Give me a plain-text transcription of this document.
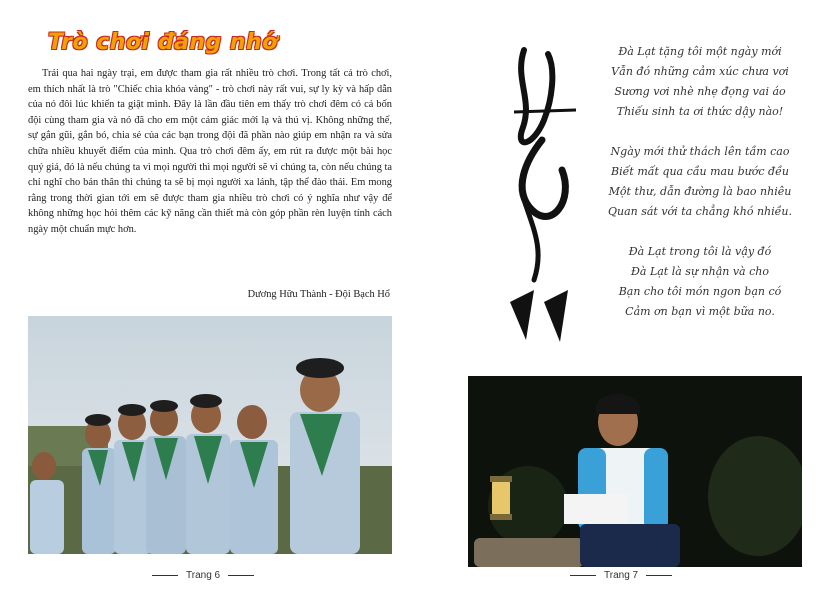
Trò chơi đáng nhớ

Trải qua hai ngày trại, em được tham gia rất nhiều trò chơi. Trong tất cả trò chơi, em thích nhất là trò "Chiếc chìa khóa vàng" - trò chơi này rất vui, sự ly kỳ và hấp dẫn của nó đôi lúc khiến ta giật mình. Đây là lần đầu tiên em thấy trò chơi đêm có cả bốn đội cùng tham gia và nó đã cho em một cảm giác mới lạ và thú vị. Không những thế, sự gắn gũi, gắn bó, chia sẻ của các bạn trong đội đã phần nào giúp em nhận ra và sửa chữa nhiều khuyết điểm của mình. Qua trò chơi đêm ấy, em rút ra được một bài học quý giá, đó là nếu chúng ta vì mọi người thì mọi người sẽ vì chúng ta, còn nếu chúng ta chỉ nghĩ cho bản thân thì chúng ta sẽ bị mọi người xa lánh, tập thể đào thải. Em mong rằng trong thời gian tới em sẽ được tham gia nhiều trò chơi có ý nghĩa như vậy để không những học hỏi thêm các kỹ năng cần thiết mà còn góp phần rèn luyện tính cách ngày một chuẩn mực hơn.

Dương Hữu Thành - Đội Bạch Hổ
Trang 6
Đà Lạt tặng tôi một ngày mới
Vẫn đó những cảm xúc chưa vơi
Sương vơi nhè nhẹ đọng vai áo
Thiếu sinh ta ơi thức dậy nào!
Ngày mới thử thách lên tầm cao
Biết mất qua cầu mau bước đều
Một thư, dẫn đường là bao nhiêu
Quan sát với ta chẳng khó nhiều.
Đà Lạt trong tôi là vậy đó
Đà Lạt là sự nhận và cho
Bạn cho tôi món ngon bạn có
Cảm ơn bạn vì một bữa no.
Trang 7
